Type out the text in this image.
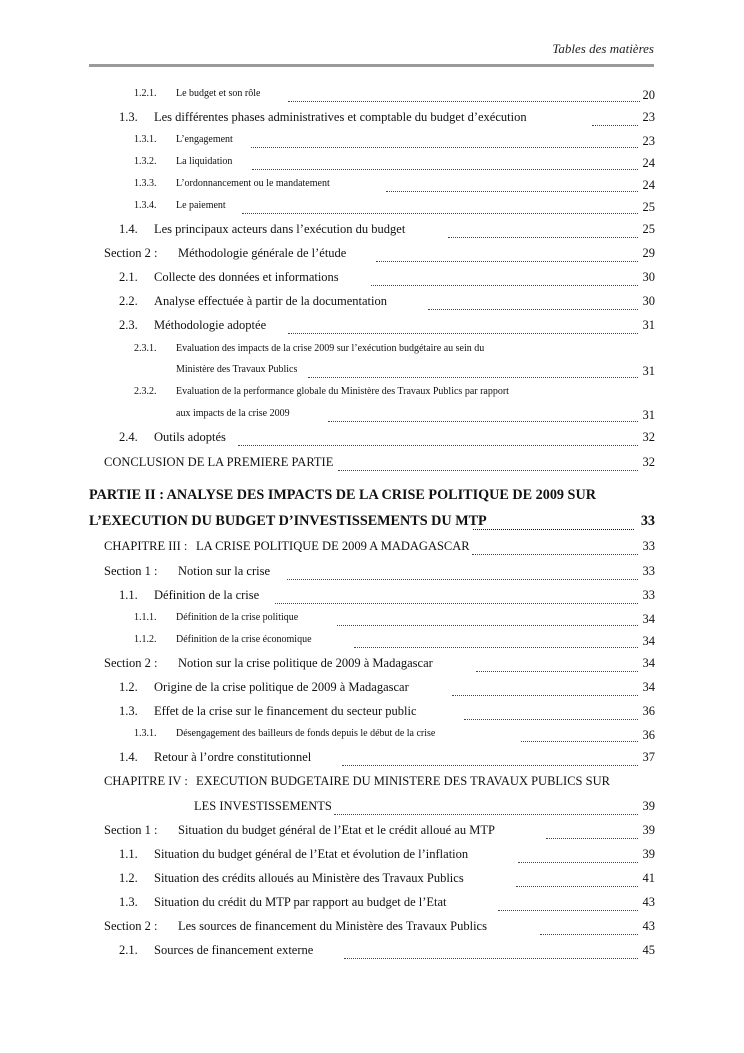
Tables des matières
1.2.1. Le budget et son rôle	20
1.3. Les différentes phases administratives et comptable du budget d’exécution	23
1.3.1. L’engagement	23
1.3.2. La liquidation	24
1.3.3. L’ordonnancement ou le mandatement	24
1.3.4. Le paiement	25
1.4. Les principaux acteurs dans l’exécution du budget	25
Section 2 : Méthodologie générale de l’étude	29
2.1. Collecte des données et informations	30
2.2. Analyse effectuée à partir de la documentation	30
2.3. Méthodologie adoptée	31
2.3.1. Evaluation des impacts de la crise 2009 sur l’exécution budgétaire au sein du
Ministère des Travaux Publics	31
2.3.2. Evaluation de la performance globale du Ministère des Travaux Publics par rapport
aux impacts de la crise 2009	31
2.4. Outils adoptés	32
CONCLUSION DE LA PREMIERE PARTIE	32
PARTIE II : ANALYSE DES IMPACTS DE LA CRISE POLITIQUE DE 2009 SUR
L’EXECUTION DU BUDGET D’INVESTISSEMENTS DU MTP	33
CHAPITRE III : LA CRISE POLITIQUE DE 2009 A MADAGASCAR	33
Section 1 : Notion sur la crise	33
1.1. Définition de la crise	33
1.1.1. Définition de la crise politique	34
1.1.2. Définition de la crise économique	34
Section 2 : Notion sur la crise politique de 2009 à Madagascar	34
1.2. Origine de la crise politique de 2009 à Madagascar	34
1.3. Effet de la crise sur le financement du secteur public	36
1.3.1. Désengagement des bailleurs de fonds depuis le début de la crise	36
1.4. Retour à l’ordre constitutionnel	37
CHAPITRE IV : EXECUTION BUDGETAIRE DU MINISTERE DES TRAVAUX PUBLICS SUR
LES INVESTISSEMENTS	39
Section 1 : Situation du budget général de l’Etat et le crédit alloué au MTP	39
1.1. Situation du budget général de l’Etat et évolution de l’inflation	39
1.2. Situation des crédits alloués au Ministère des Travaux Publics	41
1.3. Situation du crédit du MTP par rapport au budget de l’Etat	43
Section 2 : Les sources de financement du Ministère des Travaux Publics	43
2.1. Sources de financement externe	45
